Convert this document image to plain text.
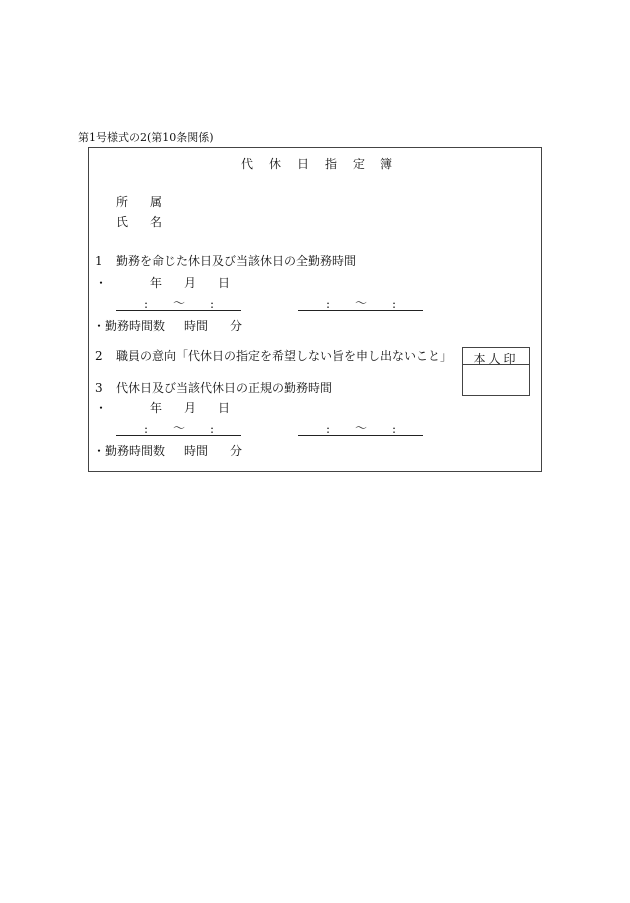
第1号様式の2(第10条関係)
代 休 日 指 定 簿
所 属
氏 名
1 勤務を命じた休日及び当該休日の全勤務時間
・	年 月 日
: 〜 :	: 〜 :
・勤務時間数 時間 分
2 職員の意向「代休日の指定を希望しない旨を申し出ないこと」	本人印
3 代休日及び当該代休日の正規の勤務時間
・	年 月 日
: 〜 :	: 〜 :
・勤務時間数 時間 分
